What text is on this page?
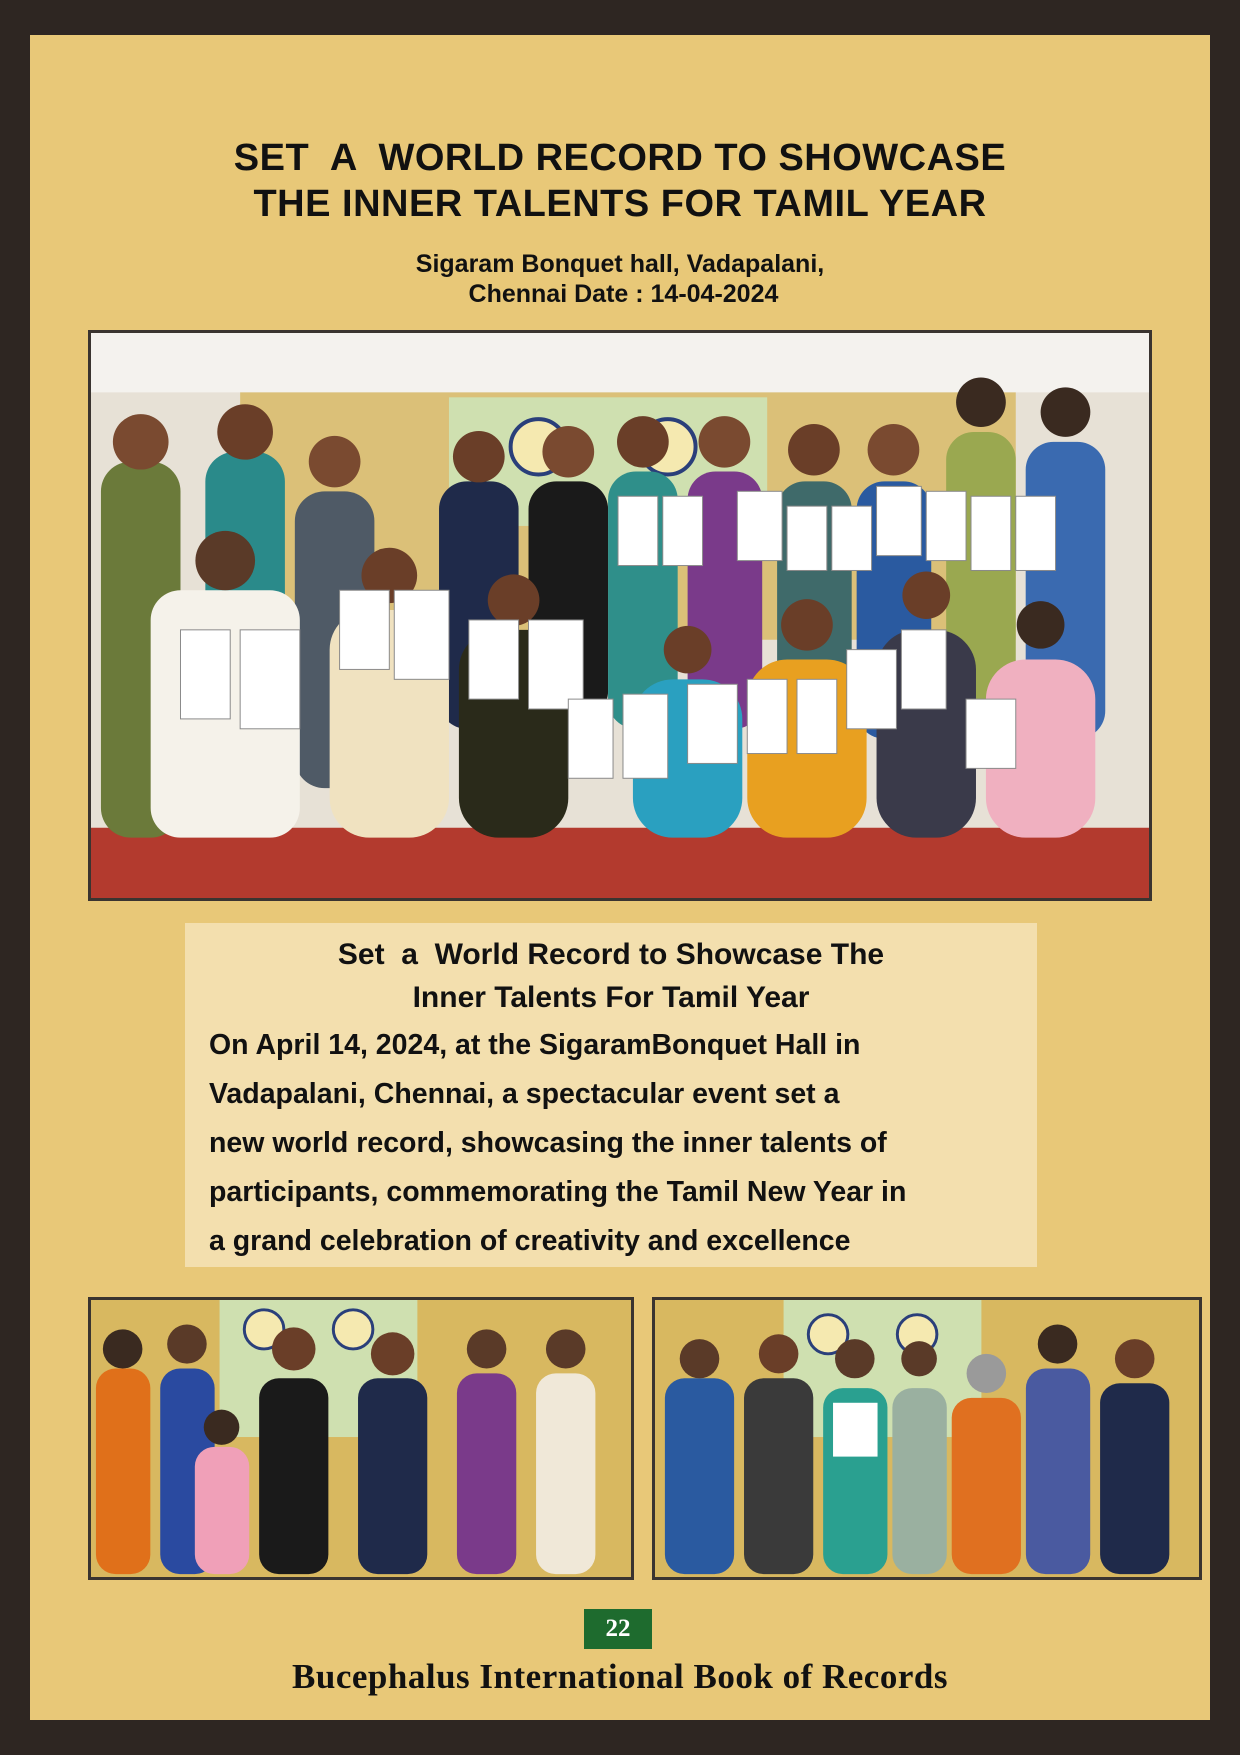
SET  A  WORLD RECORD TO SHOWCASE
THE INNER TALENTS FOR TAMIL YEAR
Sigaram Bonquet hall, Vadapalani,
Chennai Date : 14-04-2024
Set  a  World Record to Showcase The
Inner Talents For Tamil Year
On April 14, 2024, at the SigaramBonquet Hall in
Vadapalani, Chennai, a spectacular event set a
new world record, showcasing the inner talents of
participants, commemorating the Tamil New Year in
a grand celebration of creativity and excellence
22
Bucephalus International Book of Records
